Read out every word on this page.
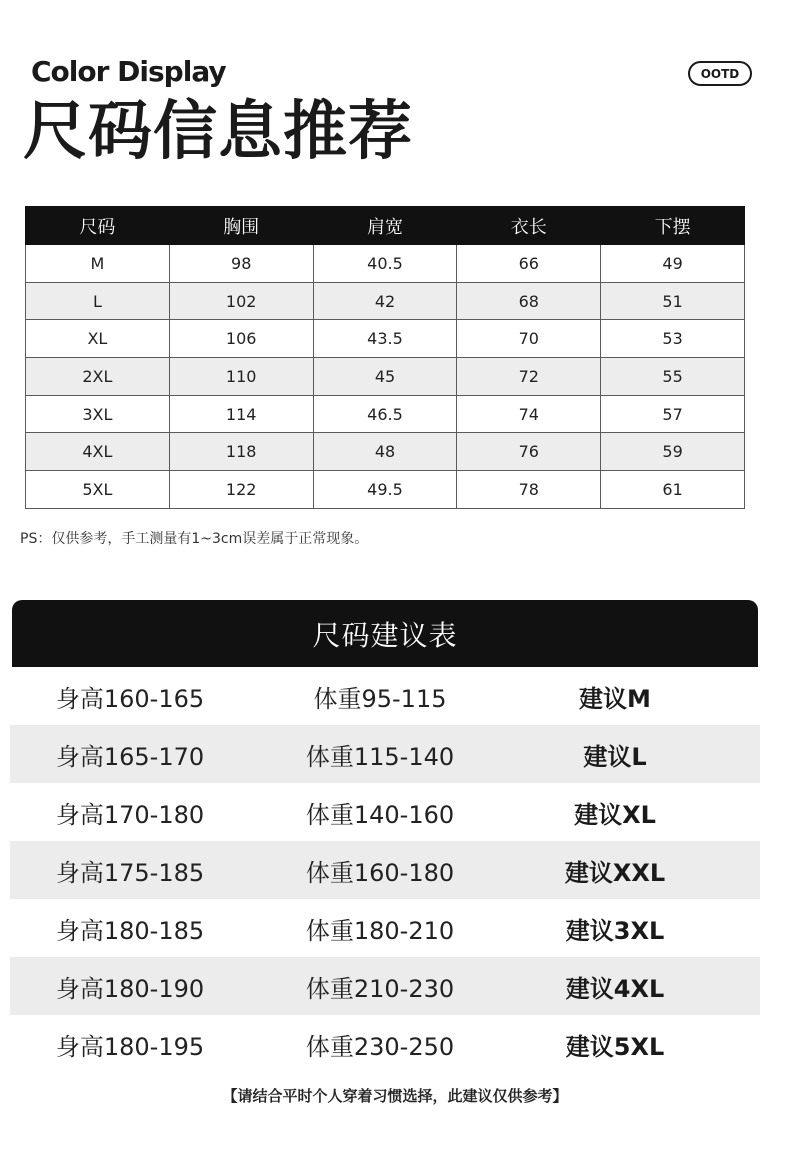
Color Display
尺码信息推荐
OOTD
尺码	胸围	肩宽	衣长	下摆
M	98	40.5	66	49
L	102	42	68	51
XL	106	43.5	70	53
2XL	110	45	72	55
3XL	114	46.5	74	57
4XL	118	48	76	59
5XL	122	49.5	78	61
PS：仅供参考，手工测量有1~3cm误差属于正常现象。
尺码建议表
身高160-165	体重95-115	建议M
身高165-170	体重115-140	建议L
身高170-180	体重140-160	建议XL
身高175-185	体重160-180	建议XXL
身高180-185	体重180-210	建议3XL
身高180-190	体重210-230	建议4XL
身高180-195	体重230-250	建议5XL
【请结合平时个人穿着习惯选择，此建议仅供参考】
